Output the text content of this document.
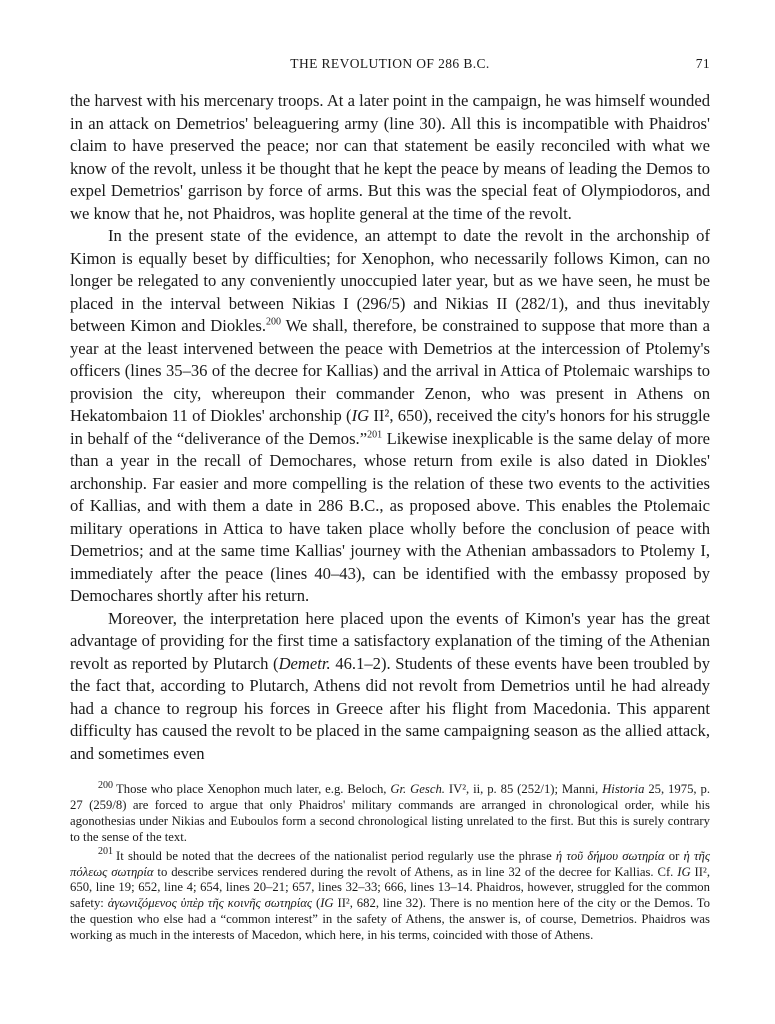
THE REVOLUTION OF 286 B.C.	71

the harvest with his mercenary troops. At a later point in the campaign, he was himself wounded in an attack on Demetrios' beleaguering army (line 30). All this is incompatible with Phaidros' claim to have preserved the peace; nor can that statement be easily reconciled with what we know of the revolt, unless it be thought that he kept the peace by means of leading the Demos to expel Demetrios' garrison by force of arms. But this was the special feat of Olympiodoros, and we know that he, not Phaidros, was hoplite general at the time of the revolt.

In the present state of the evidence, an attempt to date the revolt in the archonship of Kimon is equally beset by difficulties; for Xenophon, who necessarily follows Kimon, can no longer be relegated to any conveniently unoccupied later year, but as we have seen, he must be placed in the interval between Nikias I (296/5) and Nikias II (282/1), and thus inevitably between Kimon and Diokles.$^{200}$ We shall, therefore, be constrained to suppose that more than a year at the least intervened between the peace with Demetrios at the intercession of Ptolemy's officers (lines 35–36 of the decree for Kallias) and the arrival in Attica of Ptolemaic warships to provision the city, whereupon their commander Zenon, who was present in Athens on Hekatombaion 11 of Diokles' archonship (IG II², 650), received the city's honors for his struggle in behalf of the “deliverance of the Demos.”$^{201}$ Likewise inexplicable is the same delay of more than a year in the recall of Demochares, whose return from exile is also dated in Diokles' archonship. Far easier and more compelling is the relation of these two events to the activities of Kallias, and with them a date in 286 B.C., as proposed above. This enables the Ptolemaic military operations in Attica to have taken place wholly before the conclusion of peace with Demetrios; and at the same time Kallias' journey with the Athenian ambassadors to Ptolemy I, immediately after the peace (lines 40–43), can be identified with the embassy proposed by Demochares shortly after his return.

Moreover, the interpretation here placed upon the events of Kimon's year has the great advantage of providing for the first time a satisfactory explanation of the timing of the Athenian revolt as reported by Plutarch (Demetr. 46.1–2). Students of these events have been troubled by the fact that, according to Plutarch, Athens did not revolt from Demetrios until he had already had a chance to regroup his forces in Greece after his flight from Macedonia. This apparent difficulty has caused the revolt to be placed in the same campaigning season as the allied attack, and sometimes even

$^{200}$ Those who place Xenophon much later, e.g. Beloch, Gr. Gesch. IV², ii, p. 85 (252/1); Manni, Historia 25, 1975, p. 27 (259/8) are forced to argue that only Phaidros' military commands are arranged in chronological order, while his agonothesias under Nikias and Euboulos form a second chronological listing unrelated to the first. But this is surely contrary to the sense of the text.

$^{201}$ It should be noted that the decrees of the nationalist period regularly use the phrase ἡ τοῦ δήμου σωτηρία or ἡ τῆς πόλεως σωτηρία to describe services rendered during the revolt of Athens, as in line 32 of the decree for Kallias. Cf. IG II², 650, line 19; 652, line 4; 654, lines 20–21; 657, lines 32–33; 666, lines 13–14. Phaidros, however, struggled for the common safety: ἀγωνιζόμενος ὑπὲρ τῆς κοινῆς σωτηρίας (IG II², 682, line 32). There is no mention here of the city or the Demos. To the question who else had a “common interest” in the safety of Athens, the answer is, of course, Demetrios. Phaidros was working as much in the interests of Macedon, which here, in his terms, coincided with those of Athens.
